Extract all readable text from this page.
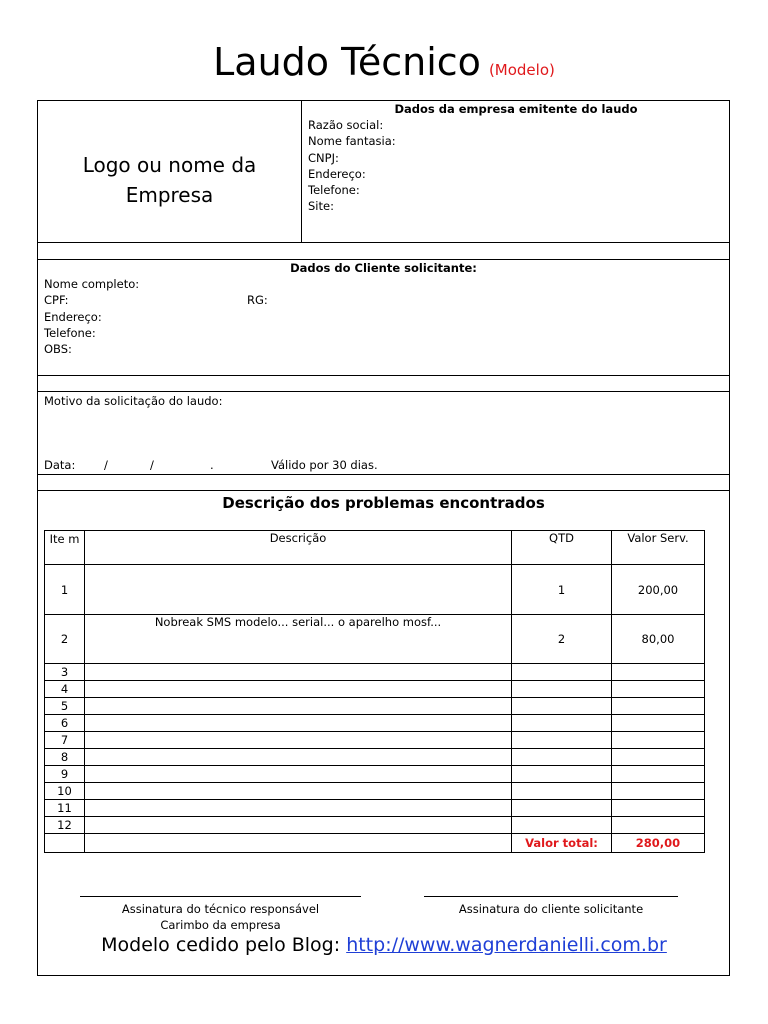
Laudo Técnico (Modelo)
Logo ou nome da
Empresa
Dados da empresa emitente do laudo
Razão social:
Nome fantasia:
CNPJ:
Endereço:
Telefone:
Site:
Dados do Cliente solicitante:
Nome completo:
CPF:
Endereço:
Telefone:
OBS:
RG:
Motivo da solicitação do laudo:
Data: /	/	.	Válido por 30 dias.
Descrição dos problemas encontrados
Ite m	Descrição	QTD	Valor Serv.
1		1	200,00
2	Nobreak SMS modelo... serial... o aparelho mosf...	2	80,00
3			
4			
5			
6			
7			
8			
9			
10			
11			
12			
		Valor total:	280,00
Assinatura do técnico responsável
Carimbo da empresa
Assinatura do cliente solicitante
Modelo cedido pelo Blog: http://www.wagnerdanielli.com.br
